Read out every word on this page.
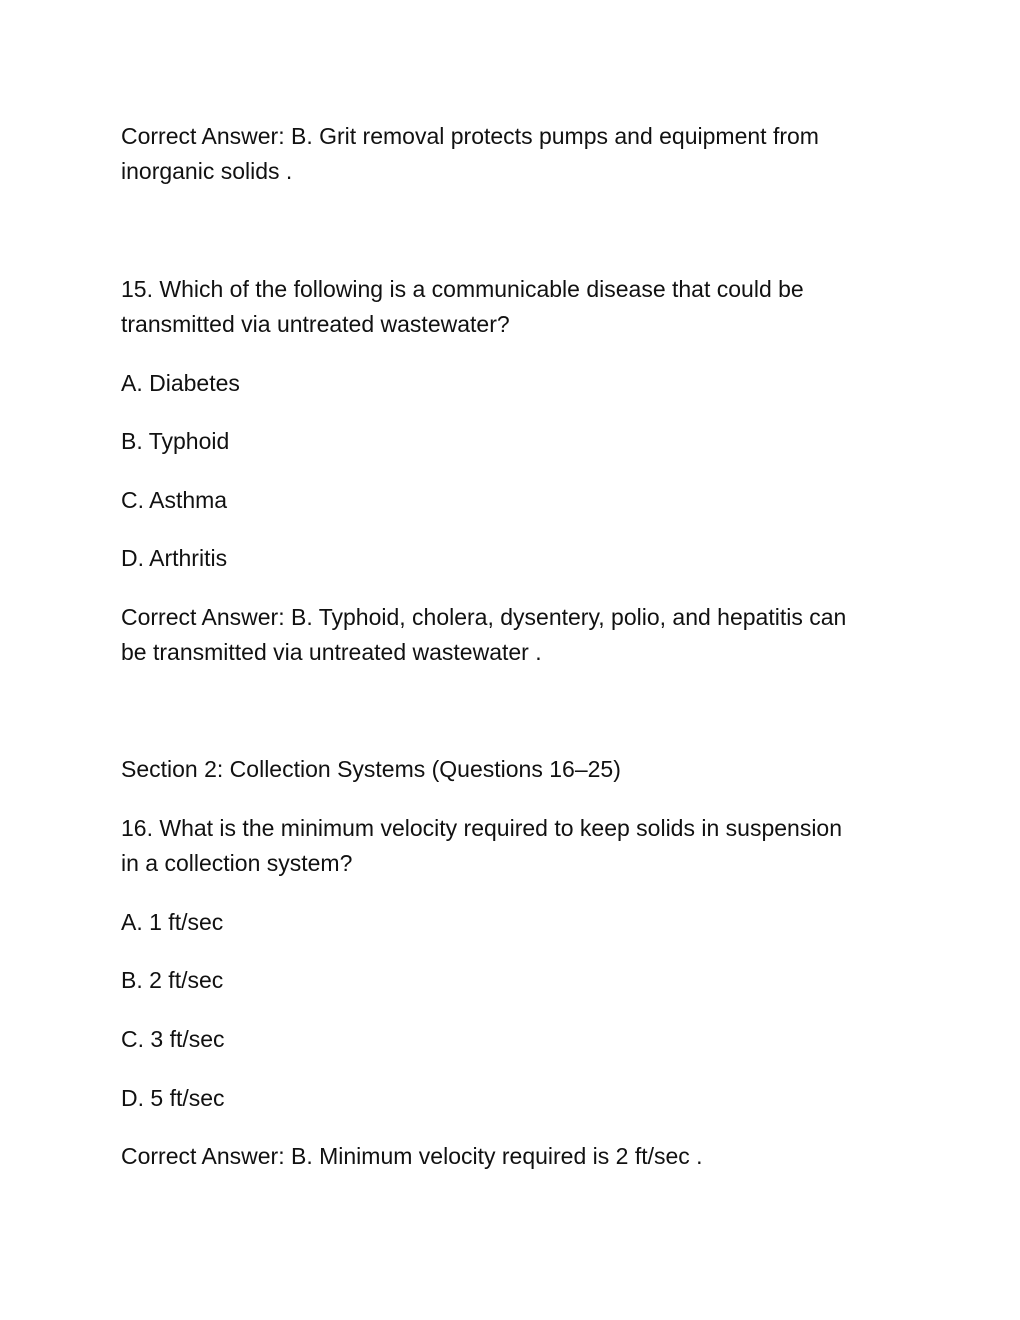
Correct Answer: B. Grit removal protects pumps and equipment from
inorganic solids .
15. Which of the following is a communicable disease that could be
transmitted via untreated wastewater?
A. Diabetes
B. Typhoid
C. Asthma
D. Arthritis
Correct Answer: B. Typhoid, cholera, dysentery, polio, and hepatitis can
be transmitted via untreated wastewater .
Section 2: Collection Systems (Questions 16–25)
16. What is the minimum velocity required to keep solids in suspension
in a collection system?
A. 1 ft/sec
B. 2 ft/sec
C. 3 ft/sec
D. 5 ft/sec
Correct Answer: B. Minimum velocity required is 2 ft/sec .
